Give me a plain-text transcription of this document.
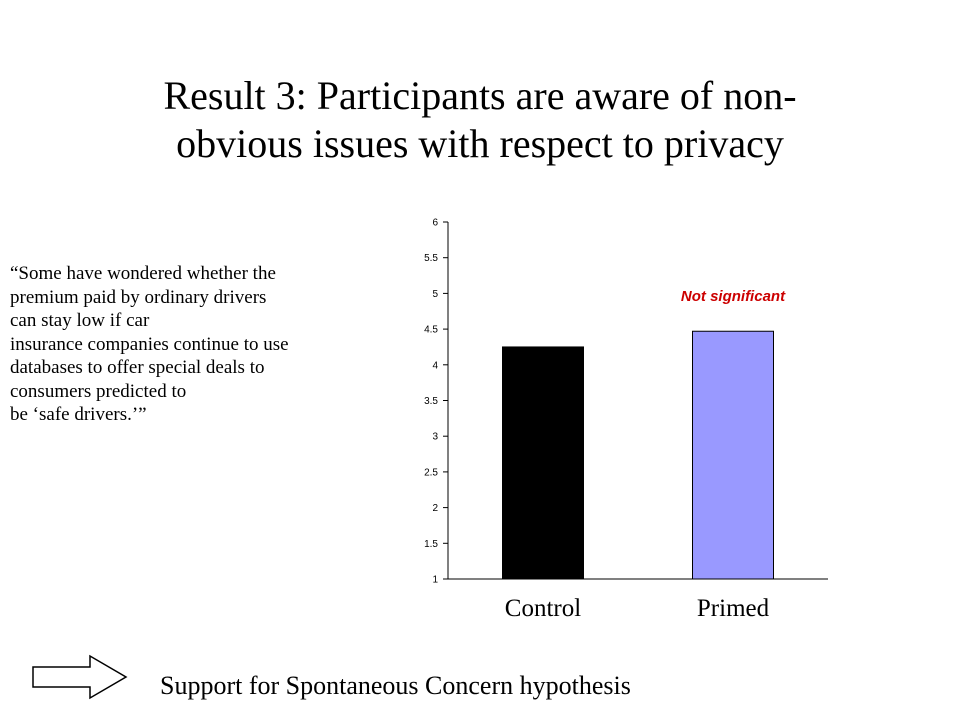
Result 3: Participants are aware of non-
obvious issues with respect to privacy
“Some have wondered whether the
premium paid by ordinary drivers
can stay low if car
insurance companies continue to use
databases to offer special deals to
consumers predicted to
be ‘safe drivers.’”
1
1.5
2
2.5
3
3.5
4
4.5
5
5.5
6
Control	Primed
Not significant
Support for Spontaneous Concern hypothesis
